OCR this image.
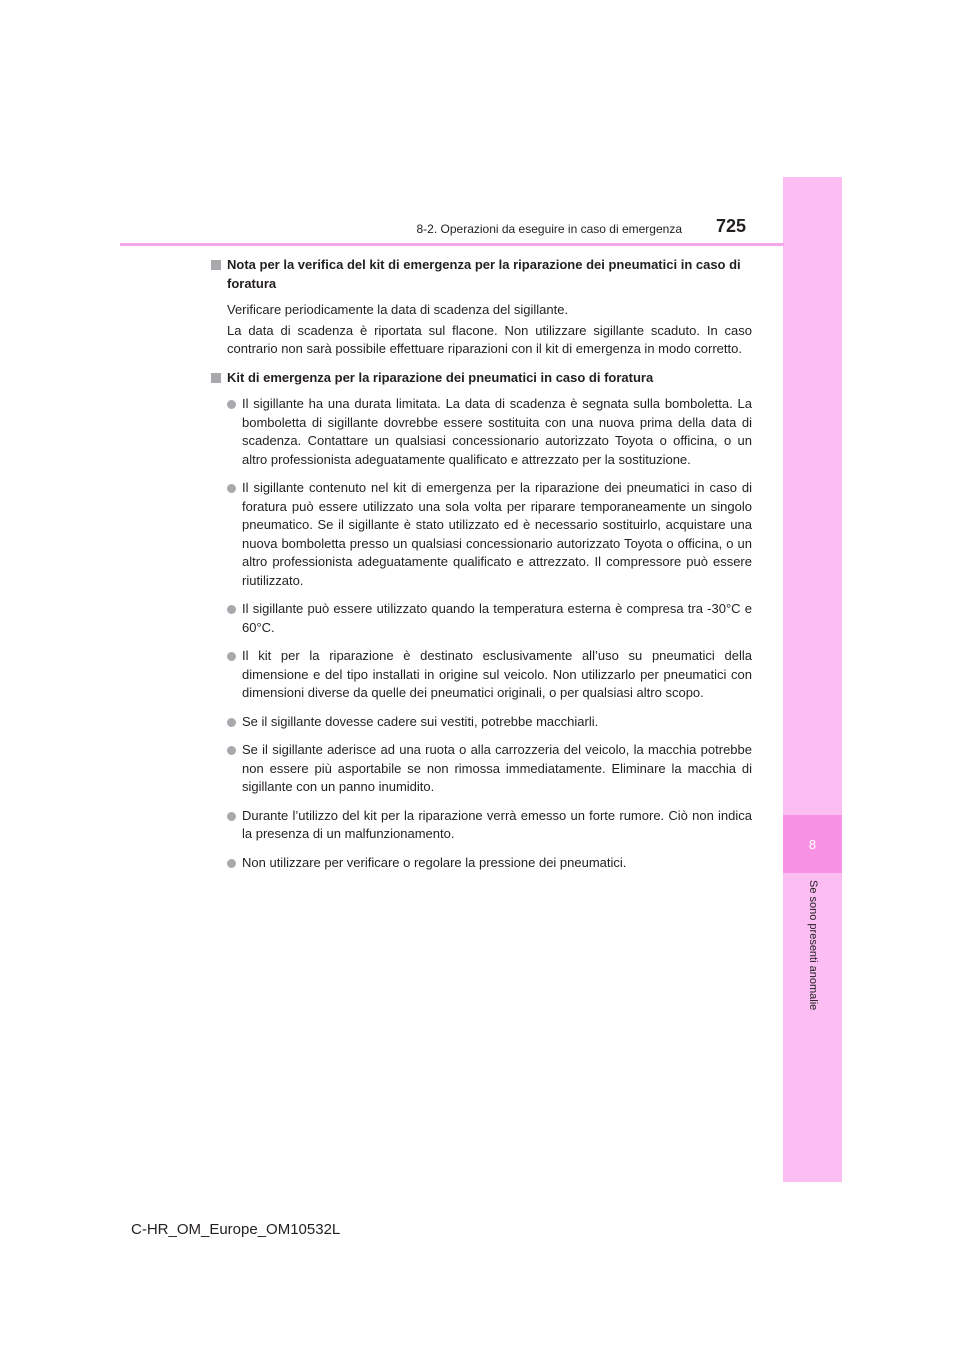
8
Se sono presenti anomalie
8-2. Operazioni da eseguire in caso di emergenza 725
Nota per la verifica del kit di emergenza per la riparazione dei pneumatici in caso di foratura
Verificare periodicamente la data di scadenza del sigillante.
La data di scadenza è riportata sul flacone. Non utilizzare sigillante scaduto. In caso contrario non sarà possibile effettuare riparazioni con il kit di emergenza in modo corretto.
Kit di emergenza per la riparazione dei pneumatici in caso di foratura
Il sigillante ha una durata limitata. La data di scadenza è segnata sulla bomboletta. La bomboletta di sigillante dovrebbe essere sostituita con una nuova prima della data di scadenza. Contattare un qualsiasi concessionario autorizzato Toyota o officina, o un altro professionista adeguatamente qualificato e attrezzato per la sostituzione.
Il sigillante contenuto nel kit di emergenza per la riparazione dei pneumatici in caso di foratura può essere utilizzato una sola volta per riparare temporaneamente un singolo pneumatico. Se il sigillante è stato utilizzato ed è necessario sostituirlo, acquistare una nuova bomboletta presso un qualsiasi concessionario autorizzato Toyota o officina, o un altro professionista adeguatamente qualificato e attrezzato. Il compressore può essere riutilizzato.
Il sigillante può essere utilizzato quando la temperatura esterna è compresa tra -30°C e 60°C.
Il kit per la riparazione è destinato esclusivamente all’uso su pneumatici della dimensione e del tipo installati in origine sul veicolo. Non utilizzarlo per pneumatici con dimensioni diverse da quelle dei pneumatici originali, o per qualsiasi altro scopo.
Se il sigillante dovesse cadere sui vestiti, potrebbe macchiarli.
Se il sigillante aderisce ad una ruota o alla carrozzeria del veicolo, la macchia potrebbe non essere più asportabile se non rimossa immediatamente. Eliminare la macchia di sigillante con un panno inumidito.
Durante l’utilizzo del kit per la riparazione verrà emesso un forte rumore. Ciò non indica la presenza di un malfunzionamento.
Non utilizzare per verificare o regolare la pressione dei pneumatici.
C-HR_OM_Europe_OM10532L
